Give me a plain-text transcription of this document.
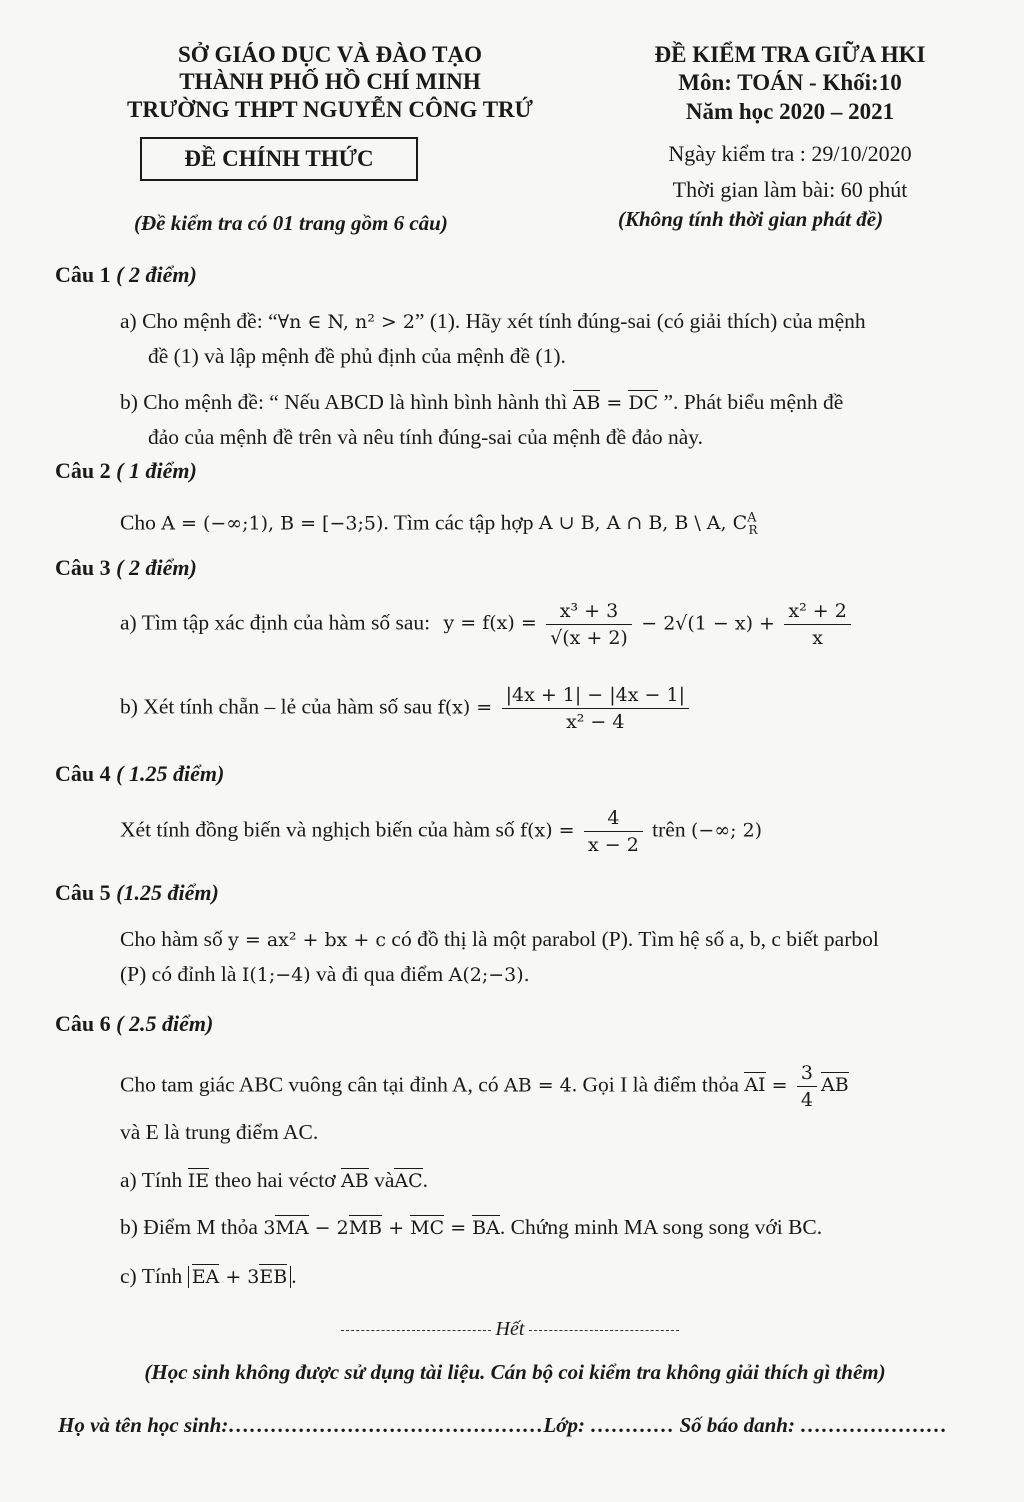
SỞ GIÁO DỤC VÀ ĐÀO TẠO
THÀNH PHỐ HỒ CHÍ MINH
TRƯỜNG THPT NGUYỄN CÔNG TRỨ
ĐỀ CHÍNH THỨC
ĐỀ KIỂM TRA GIỮA HKI
Môn: TOÁN - Khối:10
Năm học 2020 – 2021
Ngày kiểm tra : 29/10/2020
Thời gian làm bài: 60 phút
(Đề kiểm tra có 01 trang gồm 6 câu)	(Không tính thời gian phát đề)
Câu 1 ( 2 điểm)
a) Cho mệnh đề: “∀n ∈ N, n² > 2” (1). Hãy xét tính đúng-sai (có giải thích) của mệnh
đề (1) và lập mệnh đề phủ định của mệnh đề (1).
b) Cho mệnh đề: “ Nếu ABCD là hình bình hành thì AB = DC ”. Phát biểu mệnh đề
đảo của mệnh đề trên và nêu tính đúng-sai của mệnh đề đảo này.
Câu 2 ( 1 điểm)
Cho A = (−∞;1), B = [−3;5). Tìm các tập hợp A ∪ B, A ∩ B, B \ A, $C^A_R$
Câu 3 ( 2 điểm)
a) Tìm tập xác định của hàm số sau: $y = f(x) = \frac{\text{x³ + 3}}{√(x + 2)} - 2√(1 - x) + \frac{\text{x² + 2}}{x}$
b) Xét tính chẵn – lẻ của hàm số sau $f(x) = \frac{|4x + 1| - |4x - 1|}{\text{x² − 4}}$
Câu 4 ( 1.25 điểm)
Xét tính đồng biến và nghịch biến của hàm số $f(x) = \frac{4}{x - 2}$ trên (−∞; 2)
Câu 5 (1.25 điểm)
Cho hàm số y = ax² + bx + c có đồ thị là một parabol (P). Tìm hệ số a, b, c biết parbol
(P) có đỉnh là I(1;−4) và đi qua điểm A(2;−3).
Câu 6 ( 2.5 điểm)
Cho tam giác ABC vuông cân tại đỉnh A, có AB = 4. Gọi I là điểm thỏa AI = $\frac{3}{4}$ AB
và E là trung điểm AC.
a) Tính IE theo hai véctơ AB vàAC.
b) Điểm M thỏa 3MA − 2MB + MC = BA. Chứng minh MA song song với BC.
c) Tính EA + 3EB .
Hết
(Học sinh không được sử dụng tài liệu. Cán bộ coi kiểm tra không giải thích gì thêm)
Họ và tên học sinh:………………………………………Lớp: ………… Số báo danh: …………………
